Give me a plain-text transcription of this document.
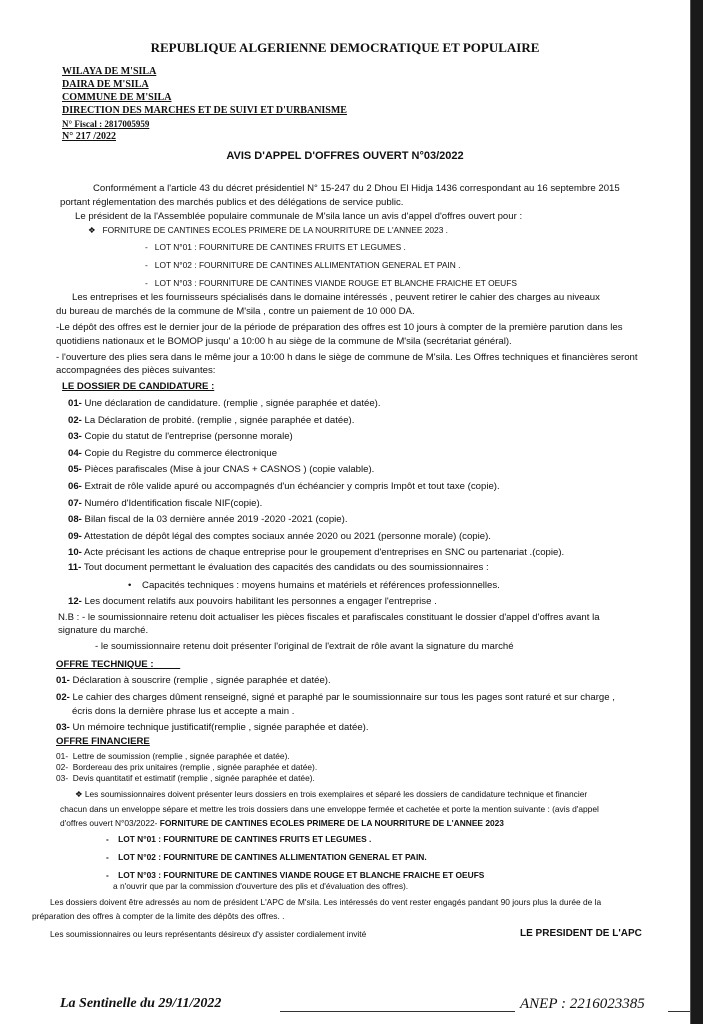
REPUBLIQUE ALGERIENNE DEMOCRATIQUE ET POPULAIRE
WILAYA DE M'SILA
DAIRA DE M'SILA
COMMUNE DE M'SILA
DIRECTION DES MARCHES ET DE SUIVI ET D'URBANISME
N° Fiscal : 2817005959
N° 217 /2022
AVIS D'APPEL D'OFFRES OUVERT N°03/2022
Conformément a l'article 43 du décret présidentiel N° 15-247 du 2 Dhou El Hidja 1436 correspondant au 16 septembre 2015
portant réglementation des marchés publics et des délégations de service public.
Le président de la l'Assemblée populaire communale de M'sila lance un avis d'appel d'offres ouvert pour :
❖   FORNITURE DE CANTINES ECOLES PRIMERE DE LA NOURRITURE DE L'ANNEE 2023 .
-   LOT N°01 : FOURNITURE DE CANTINES FRUITS ET LEGUMES .
-   LOT N°02 : FOURNITURE DE CANTINES ALLIMENTATION GENERAL ET PAIN .
-   LOT N°03 : FOURNITURE DE CANTINES VIANDE ROUGE ET BLANCHE FRAICHE ET OEUFS
Les entreprises et les fournisseurs spécialisés dans le domaine intéressés , peuvent retirer le cahier des charges au niveaux
du bureau de marchés de la commune de M'sila , contre un paiement de 10 000 DA.
-Le dépôt des offres est le dernier jour de la période de préparation des offres est 10 jours à compter de la première parution dans les
quotidiens nationaux et le BOMOP jusqu' a 10:00 h au siège de la commune de M'sila (secrétariat général).
- l'ouverture des plies sera dans le même jour a 10:00 h dans le siège de commune de M'sila. Les Offres techniques et financières seront
accompagnées des pièces suivantes:
LE DOSSIER DE CANDIDATURE :
01- Une déclaration de candidature. (remplie , signée paraphée et datée).
02- La Déclaration de probité. (remplie , signée paraphée et datée).
03- Copie du statut de l'entreprise (personne morale)
04- Copie du Registre du commerce électronique
05- Pièces parafiscales (Mise à jour CNAS + CASNOS ) (copie valable).
06- Extrait de rôle valide apuré ou accompagnés d'un échéancier y compris Impôt et tout taxe (copie).
07- Numéro d'Identification fiscale NIF(copie).
08- Bilan fiscal de la 03 dernière année 2019 -2020 -2021 (copie).
09- Attestation de dépôt légal des comptes sociaux année 2020 ou 2021 (personne morale) (copie).
10- Acte précisant les actions de chaque entreprise pour le groupement d'entreprises en SNC ou partenariat .(copie).
11- Tout document permettant le évaluation des capacités des candidats ou des soumissionnaires :
•    Capacités techniques : moyens humains et matériels et références professionnelles.
12- Les document relatifs aux pouvoirs habilitant les personnes a engager l'entreprise .
N.B : - le soumissionnaire retenu doit actualiser les pièces fiscales et parafiscales constituant le dossier d'appel d'offres avant la
signature du marché.
- le soumissionnaire retenu doit présenter l'original de l'extrait de rôle avant la signature du marché
OFFRE TECHNIQUE :
01- Déclaration à souscrire (remplie , signée paraphée et datée).
02- Le cahier des charges dûment renseigné, signé et paraphé par le soumissionnaire sur tous les pages sont raturé et sur charge ,
écris dons la dernière phrase lus et accepte a main .
03- Un mémoire technique justificatif(remplie , signée paraphée et datée).
OFFRE FINANCIERE
01- Lettre de soumission (remplie , signée paraphée et datée).
02- Bordereau des prix unitaires (remplie , signée paraphée et datée).
03- Devis quantitatif et estimatif (remplie , signée paraphée et datée).
❖ Les soumissionnaires doivent présenter leurs dossiers en trois exemplaires et séparé les dossiers de candidature technique et financier
chacun dans un enveloppe sépare et mettre les trois dossiers dans une enveloppe fermée et cachetée et porte la mention suivante : (avis d'appel
d'offres ouvert N°03/2022- FORNITURE DE CANTINES ECOLES PRIMERE DE LA NOURRITURE DE L'ANNEE 2023
-    LOT N°01 : FOURNITURE DE CANTINES FRUITS ET LEGUMES .
-    LOT N°02 : FOURNITURE DE CANTINES ALLIMENTATION GENERAL ET PAIN.
-    LOT N°03 : FOURNITURE DE CANTINES VIANDE ROUGE ET BLANCHE FRAICHE ET OEUFS
a n'ouvrir que par la commission d'ouverture des plis et d'évaluation des offres).
Les dossiers doivent être adressés au nom de président L'APC de M'sila. Les intéressés do vent rester engagés pandant 90 jours plus la durée de la
préparation des offres à compter de la limite des dépôts des offres. .
Les soumissionnaires ou leurs représentants désireux d'y assister cordialement invité	LE PRESIDENT DE L'APC
La Sentinelle du 29/11/2022	ANEP : 2216023385
